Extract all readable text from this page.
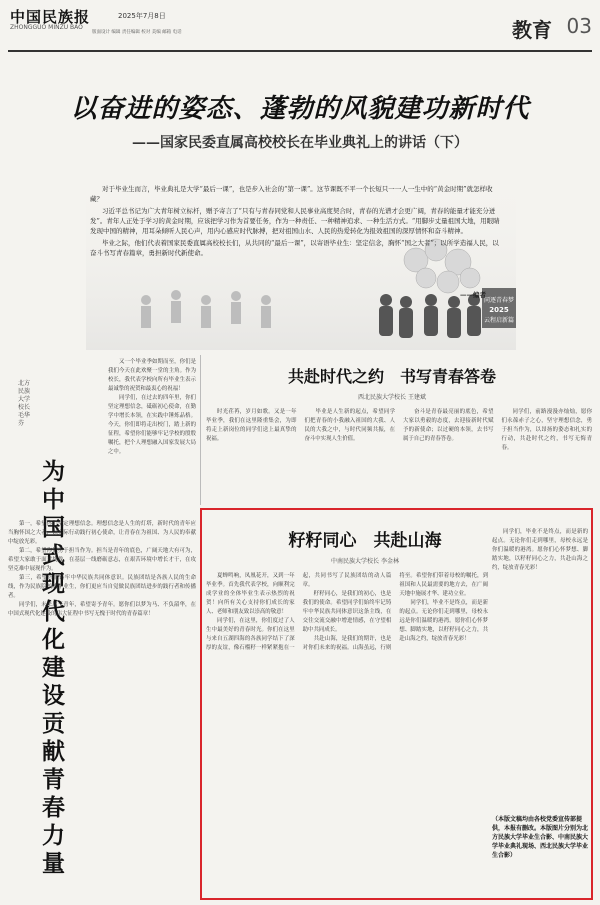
中国民族报
ZHONGGUO MINZU BAO
2025年7月8日
版面设计 编辑 责任编辑 校对 美编 邮箱 电话	教育 03
以奋进的姿态、蓬勃的风貌建功新时代
——国家民委直属高校校长在毕业典礼上的讲话（下）
同逐青春梦
2025
云程启新篇

对于毕业生而言，毕业典礼是大学“最后一课”，也是步入社会的“第一课”。这节课既不平一个长短只一一人一生中的“黄金时期”就怎样收藏？

习近平总书记为广大青年树立标杆，赠予寄言了“只有与青春同党和人民事业高度契合时，青春的光谱才会更广阔，青春的能量才能充分迸发”。青年人正处于学习的黄金时期，应该把学习作为首要任务，作为一种责任、一种精神追求、一种生活方式。“用脚步丈量祖国大地，用眼睛发现中国的精神，用耳朵倾听人民心声，用内心感应时代脉搏，把对祖国山水、人民的热爱转化为报效祖国的深厚情怀和奋斗精神。

毕业之际，他们代表着国家民委直属高校校长们，从共同的“最后一课”，以寄语毕业生：坚定信念，胸怀“国之大者”；以所学造福人民，以奋斗书写青春篇章，勇担新时代新使命。

——编者
为中国式现代化建设贡献青春力量
北方民族大学校长 毛华芬

又一个毕业季如期而至，你们是我们今天在此欢聚一堂的主角。作为校长，我代表学校向所有毕业生表示最诚挚的祝贺和最衷心的祝福！

同学们，在过去的四年里，你们坚定理想信念，砥砺初心使命，在勤学中增长本领，在实践中锤炼品格。今天，你们即将走出校门，踏上新的征程，希望你们能够牢记学校的殷殷嘱托，把个人理想融入国家发展大局之中。

第一，希望你们坚定理想信念。理想信念是人生的灯塔，新时代的青年应当胸怀国之大者，以实际行动践行初心使命，让青春在为祖国、为人民的奉献中绽放光彩。

第二，希望你们勇于担当作为。担当是青年的底色，广阔天地大有可为，希望大家敢于面对挑战，在基层一线磨砺意志，在艰苦环境中增长才干，在攻坚克难中展现作为。

第三，希望你们铸牢中华民族共同体意识。民族团结是各族人民的生命线，作为民族院校的毕业生，你们更应当自觉做民族团结进步的践行者和传播者。

同学们，未来属于青年，希望寄予青年。愿你们以梦为马、不负韶华，在中国式现代化建设的伟大征程中书写无愧于时代的青春篇章！

共赴时代之约　书写青春答卷
西北民族大学校长 王建斌

时光荏苒，岁月如歌。又是一年毕业季，我们在这里隆重集会，为即将走上新岗位的同学们送上最真挚的祝福。

毕业是人生新的起点，希望同学们把青春的小我融入祖国的大我、人民的大我之中，与时代同频共振，在奋斗中实现人生价值。

奋斗是青春最亮丽的底色，希望大家以勇毅的态度，去迎接新时代赋予的新使命；以过硬的本领，去书写属于自己的青春答卷。

同学们，前路漫漫亦灿灿，愿你们永葆赤子之心，坚守理想信念，勇于担当作为，以昂扬的姿态和扎实的行动，共赴时代之约，书写无悔青春。

籽籽同心　共赴山海
中南民族大学校长 李金林

夏蝉鸣响，凤凰花开，又到一年毕业季。首先我代表学校，向顺利完成学业的全体毕业生表示热烈的祝贺！向所有关心支持你们成长的家人、老师和朋友致以崇高的敬意！

同学们，在这里，你们度过了人生中最美好的青春时光。你们在这里与来自五湖四海的各族同学结下了深厚的友谊，像石榴籽一样紧紧抱在一起，共同书写了民族团结的动人篇章。

籽籽同心，是我们的初心，也是我们的使命。希望同学们始终牢记铸牢中华民族共同体意识这条主线，在交往交流交融中增进情感，在守望相助中共同成长。

共赴山海，是我们的期许，也是对你们未来的祝福。山海虽远，行则将至。希望你们带着母校的嘱托，到祖国和人民最需要的地方去，在广阔天地中施展才华、建功立业。

同学们，毕业不是终点，而是新的起点。无论你们走到哪里，母校永远是你们温暖的港湾。愿你们心怀梦想、脚踏实地，以籽籽同心之力，共赴山海之约，绽放青春光彩！

同学们，毕业不是终点，而是新的起点。无论你们走到哪里，母校永远是你们温暖的港湾。愿你们心怀梦想、脚踏实地，以籽籽同心之力，共赴山海之约，绽放青春光彩！

（本版文稿均由各校党委宣传部提供，本报有删改。本版图片分别为北方民族大学毕业生合影、中南民族大学毕业典礼现场、西北民族大学毕业生合影）
